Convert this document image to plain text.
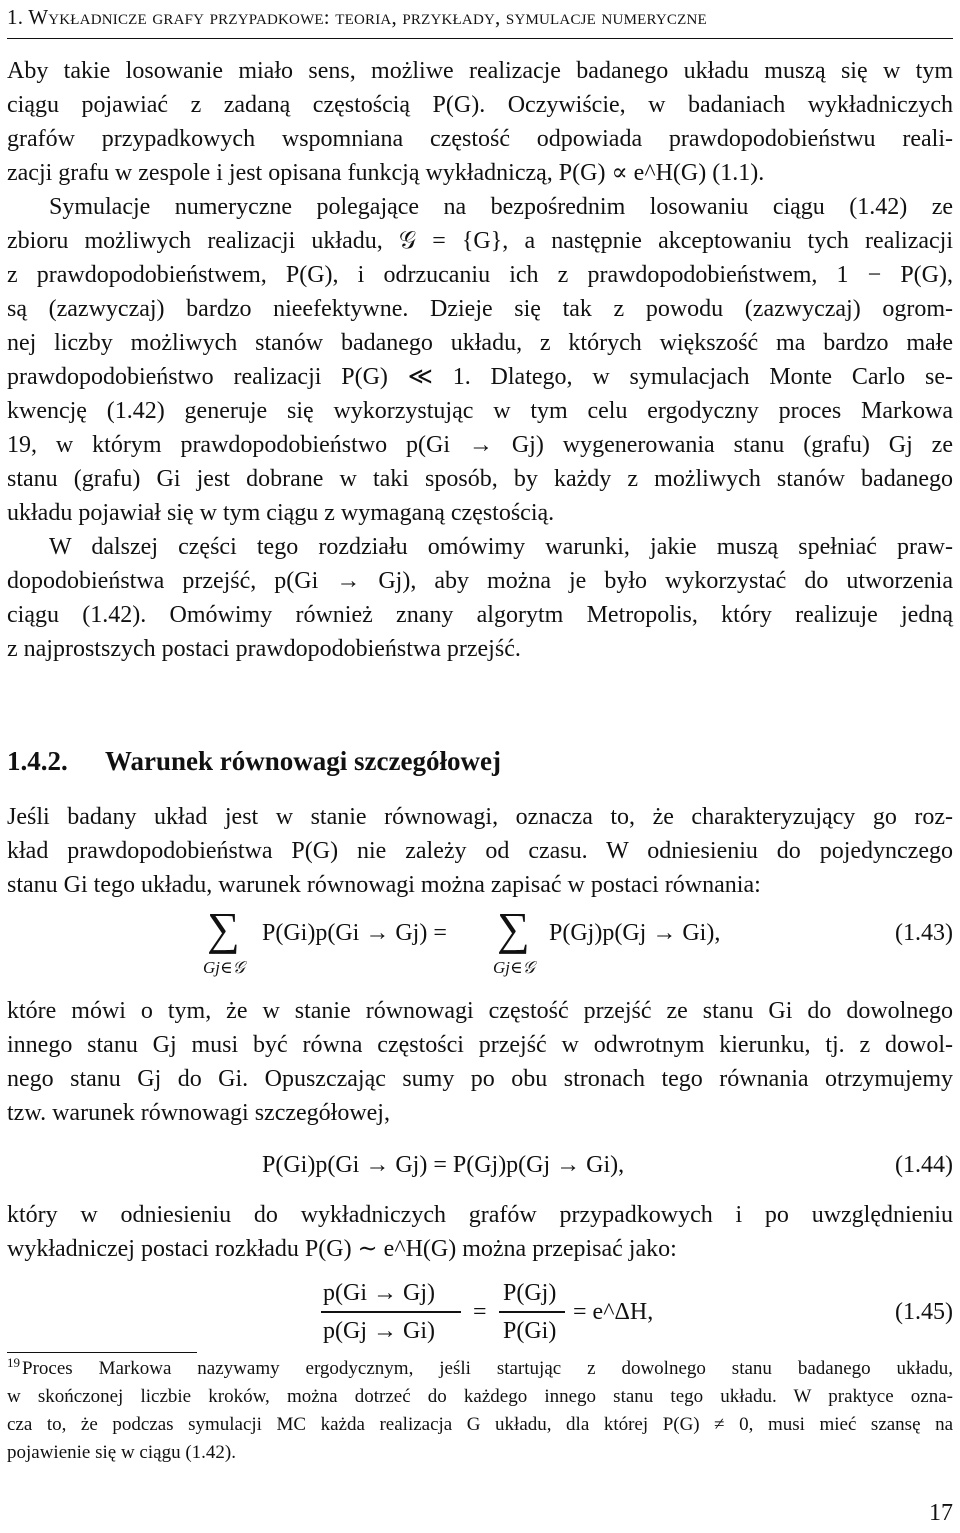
1. Wykładnicze grafy przypadkowe: teoria, przykłady, symulacje numeryczne
Aby takie losowanie miało sens, możliwe realizacje badanego układu muszą się w tym
ciągu pojawiać z zadaną częstością P(G). Oczywiście, w badaniach wykładniczych
grafów przypadkowych wspomniana częstość odpowiada prawdopodobieństwu reali-
zacji grafu w zespole i jest opisana funkcją wykładniczą, P(G) ∝ e^H(G) (1.1).
Symulacje numeryczne polegające na bezpośrednim losowaniu ciągu (1.42) ze
zbioru możliwych realizacji układu, 𝒢 = {G}, a następnie akceptowaniu tych realizacji
z prawdopodobieństwem, P(G), i odrzucaniu ich z prawdopodobieństwem, 1 − P(G),
są (zazwyczaj) bardzo nieefektywne. Dzieje się tak z powodu (zazwyczaj) ogrom-
nej liczby możliwych stanów badanego układu, z których większość ma bardzo małe
prawdopodobieństwo realizacji P(G) ≪ 1. Dlatego, w symulacjach Monte Carlo se-
kwencję (1.42) generuje się wykorzystując w tym celu ergodyczny proces Markowa
19, w którym prawdopodobieństwo p(Gi → Gj) wygenerowania stanu (grafu) Gj ze
stanu (grafu) Gi jest dobrane w taki sposób, by każdy z możliwych stanów badanego
układu pojawiał się w tym ciągu z wymaganą częstością.
W dalszej części tego rozdziału omówimy warunki, jakie muszą spełniać praw-
dopodobieństwa przejść, p(Gi → Gj), aby można je było wykorzystać do utworzenia
ciągu (1.42). Omówimy również znany algorytm Metropolis, który realizuje jedną
z najprostszych postaci prawdopodobieństwa przejść.
1.4.2. Warunek równowagi szczegółowej
Jeśli badany układ jest w stanie równowagi, oznacza to, że charakteryzujący go roz-
kład prawdopodobieństwa P(G) nie zależy od czasu. W odniesieniu do pojedynczego
stanu Gi tego układu, warunek równowagi można zapisać w postaci równania:
∑
Gj∈𝒢
P(Gi)p(Gi → Gj) = ∑
Gj∈𝒢
P(Gj)p(Gj → Gi),	(1.43)
które mówi o tym, że w stanie równowagi częstość przejść ze stanu Gi do dowolnego
innego stanu Gj musi być równa częstości przejść w odwrotnym kierunku, tj. z dowol-
nego stanu Gj do Gi. Opuszczając sumy po obu stronach tego równania otrzymujemy
tzw. warunek równowagi szczegółowej,
P(Gi)p(Gi → Gj) = P(Gj)p(Gj → Gi),	(1.44)
który w odniesieniu do wykładniczych grafów przypadkowych i po uwzględnieniu
wykładniczej postaci rozkładu P(G) ∼ e^H(G) można przepisać jako:
p(Gi → Gj)
p(Gj → Gi)
=
P(Gj)
P(Gi)
= e^ΔH,	(1.45)
19 Proces Markowa nazywamy ergodycznym, jeśli startując z dowolnego stanu badanego układu,
w skończonej liczbie kroków, można dotrzeć do każdego innego stanu tego układu. W praktyce ozna-
cza to, że podczas symulacji MC każda realizacja G układu, dla której P(G) ≠ 0, musi mieć szansę na
pojawienie się w ciągu (1.42).
17
